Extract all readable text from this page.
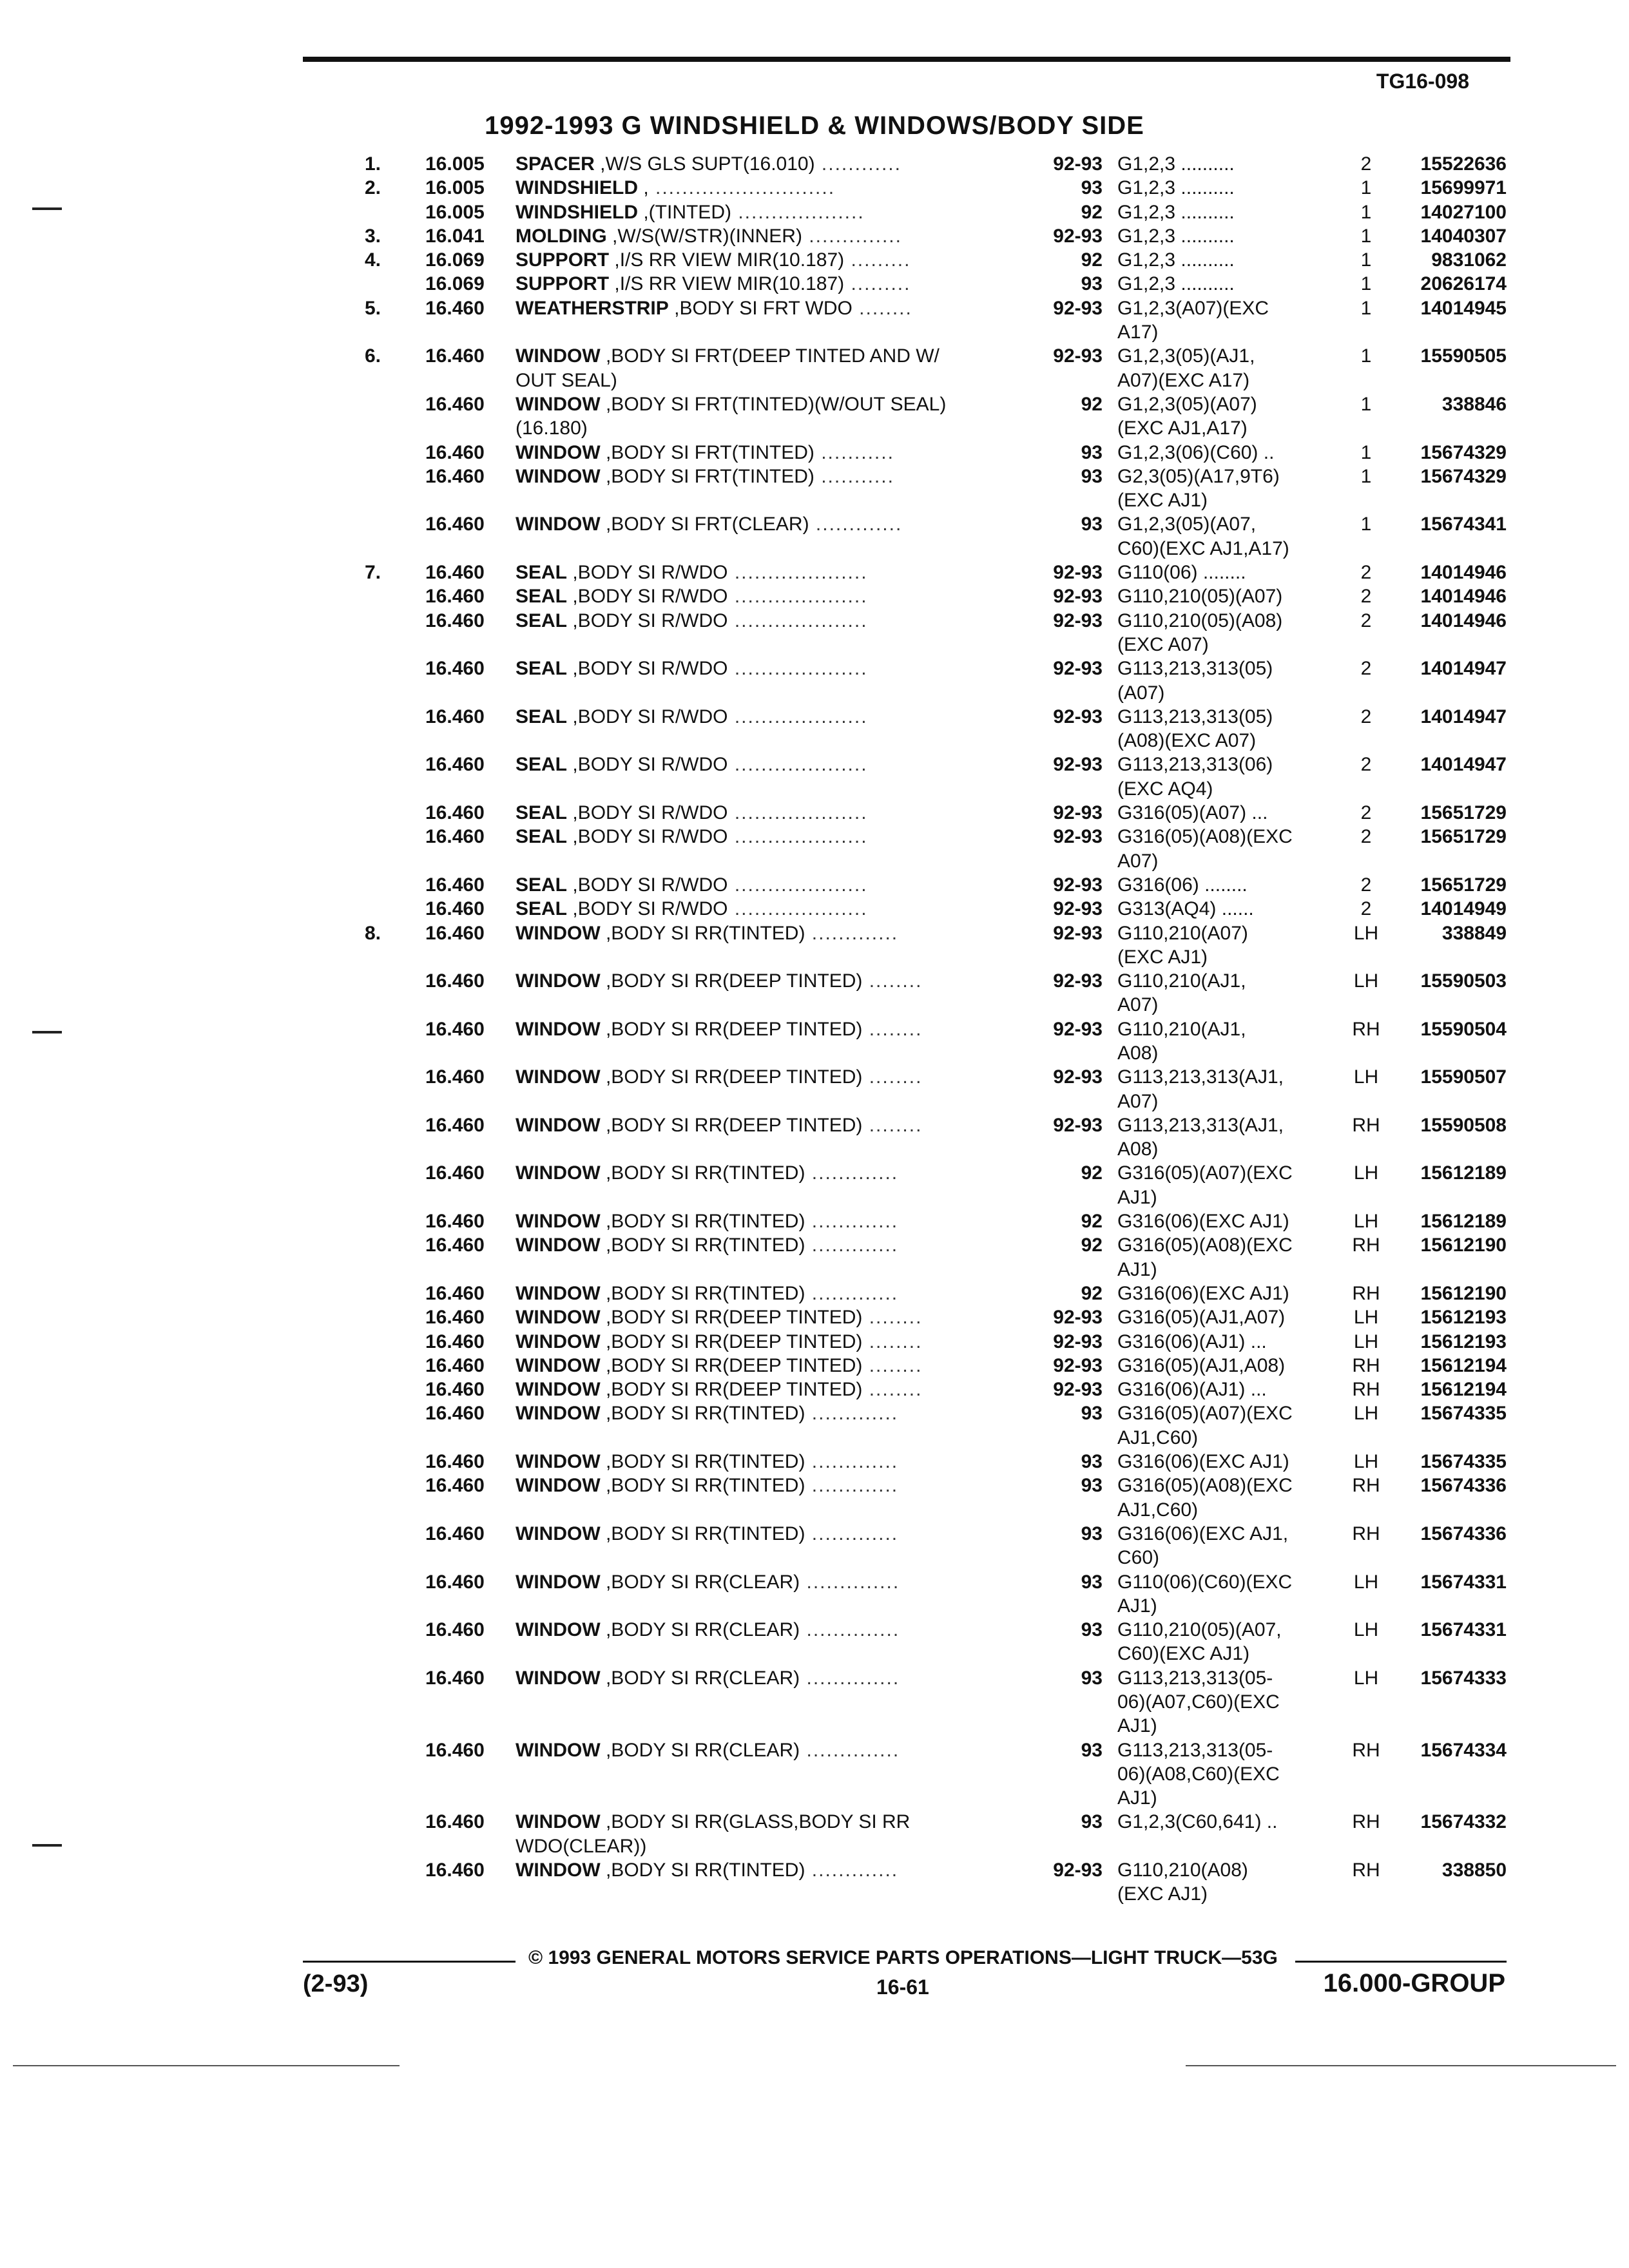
TG16-098
1992-1993 G WINDSHIELD & WINDOWS/BODY SIDE
1. 16.005 SPACER ,W/S GLS SUPT(16.010) ............	92-93 G1,2,3 ..........	2	15522636
2. 16.005 WINDSHIELD , ...........................	93 G1,2,3 ..........	1	15699971
16.005 WINDSHIELD ,(TINTED) ...................	92 G1,2,3 ..........	1	14027100
3. 16.041 MOLDING ,W/S(W/STR)(INNER) ..............	92-93 G1,2,3 ..........	1	14040307
4. 16.069 SUPPORT ,I/S RR VIEW MIR(10.187) .........	92 G1,2,3 ..........	1	9831062
16.069 SUPPORT ,I/S RR VIEW MIR(10.187) .........	93 G1,2,3 ..........	1	20626174
5. 16.460 WEATHERSTRIP ,BODY SI FRT WDO ........	92-93 G1,2,3(A07)(EXC	1	14014945
A17)
6. 16.460 WINDOW ,BODY SI FRT(DEEP TINTED AND W/	92-93 G1,2,3(05)(AJ1,	1	15590505
OUT SEAL)	A07)(EXC A17)
16.460 WINDOW ,BODY SI FRT(TINTED)(W/OUT SEAL)	92 G1,2,3(05)(A07)	1	338846
(16.180)	(EXC AJ1,A17)
16.460 WINDOW ,BODY SI FRT(TINTED) ...........	93 G1,2,3(06)(C60) ..	1	15674329
16.460 WINDOW ,BODY SI FRT(TINTED) ...........	93 G2,3(05)(A17,9T6)	1	15674329
(EXC AJ1)
16.460 WINDOW ,BODY SI FRT(CLEAR) .............	93 G1,2,3(05)(A07,	1	15674341
C60)(EXC AJ1,A17)
7. 16.460 SEAL ,BODY SI R/WDO ....................	92-93 G110(06) ........	2	14014946
16.460 SEAL ,BODY SI R/WDO ....................	92-93 G110,210(05)(A07)	2	14014946
16.460 SEAL ,BODY SI R/WDO ....................	92-93 G110,210(05)(A08)	2	14014946
(EXC A07)
16.460 SEAL ,BODY SI R/WDO ....................	92-93 G113,213,313(05)	2	14014947
(A07)
16.460 SEAL ,BODY SI R/WDO ....................	92-93 G113,213,313(05)	2	14014947
(A08)(EXC A07)
16.460 SEAL ,BODY SI R/WDO ....................	92-93 G113,213,313(06)	2	14014947
(EXC AQ4)
16.460 SEAL ,BODY SI R/WDO ....................	92-93 G316(05)(A07) ...	2	15651729
16.460 SEAL ,BODY SI R/WDO ....................	92-93 G316(05)(A08)(EXC	2	15651729
A07)
16.460 SEAL ,BODY SI R/WDO ....................	92-93 G316(06) ........	2	15651729
16.460 SEAL ,BODY SI R/WDO ....................	92-93 G313(AQ4) ......	2	14014949
8. 16.460 WINDOW ,BODY SI RR(TINTED) .............	92-93 G110,210(A07)	LH	338849
(EXC AJ1)
16.460 WINDOW ,BODY SI RR(DEEP TINTED) ........	92-93 G110,210(AJ1,	LH	15590503
A07)
16.460 WINDOW ,BODY SI RR(DEEP TINTED) ........	92-93 G110,210(AJ1,	RH	15590504
A08)
16.460 WINDOW ,BODY SI RR(DEEP TINTED) ........	92-93 G113,213,313(AJ1,	LH	15590507
A07)
16.460 WINDOW ,BODY SI RR(DEEP TINTED) ........	92-93 G113,213,313(AJ1,	RH	15590508
A08)
16.460 WINDOW ,BODY SI RR(TINTED) .............	92 G316(05)(A07)(EXC	LH	15612189
AJ1)
16.460 WINDOW ,BODY SI RR(TINTED) .............	92 G316(06)(EXC AJ1)	LH	15612189
16.460 WINDOW ,BODY SI RR(TINTED) .............	92 G316(05)(A08)(EXC	RH	15612190
AJ1)
16.460 WINDOW ,BODY SI RR(TINTED) .............	92 G316(06)(EXC AJ1)	RH	15612190
16.460 WINDOW ,BODY SI RR(DEEP TINTED) ........	92-93 G316(05)(AJ1,A07)	LH	15612193
16.460 WINDOW ,BODY SI RR(DEEP TINTED) ........	92-93 G316(06)(AJ1) ...	LH	15612193
16.460 WINDOW ,BODY SI RR(DEEP TINTED) ........	92-93 G316(05)(AJ1,A08)	RH	15612194
16.460 WINDOW ,BODY SI RR(DEEP TINTED) ........	92-93 G316(06)(AJ1) ...	RH	15612194
16.460 WINDOW ,BODY SI RR(TINTED) .............	93 G316(05)(A07)(EXC	LH	15674335
AJ1,C60)
16.460 WINDOW ,BODY SI RR(TINTED) .............	93 G316(06)(EXC AJ1)	LH	15674335
16.460 WINDOW ,BODY SI RR(TINTED) .............	93 G316(05)(A08)(EXC	RH	15674336
AJ1,C60)
16.460 WINDOW ,BODY SI RR(TINTED) .............	93 G316(06)(EXC AJ1,	RH	15674336
C60)
16.460 WINDOW ,BODY SI RR(CLEAR) ..............	93 G110(06)(C60)(EXC	LH	15674331
AJ1)
16.460 WINDOW ,BODY SI RR(CLEAR) ..............	93 G110,210(05)(A07,	LH	15674331
C60)(EXC AJ1)
16.460 WINDOW ,BODY SI RR(CLEAR) ..............	93 G113,213,313(05-	LH	15674333
06)(A07,C60)(EXC
AJ1)
16.460 WINDOW ,BODY SI RR(CLEAR) ..............	93 G113,213,313(05-	RH	15674334
06)(A08,C60)(EXC
AJ1)
16.460 WINDOW ,BODY SI RR(GLASS,BODY SI RR	93 G1,2,3(C60,641) ..	RH	15674332
WDO(CLEAR))
16.460 WINDOW ,BODY SI RR(TINTED) .............	92-93 G110,210(A08)	RH	338850
(EXC AJ1)
© 1993 GENERAL MOTORS SERVICE PARTS OPERATIONS—LIGHT TRUCK—53G
(2-93)	16-61	16.000-GROUP
